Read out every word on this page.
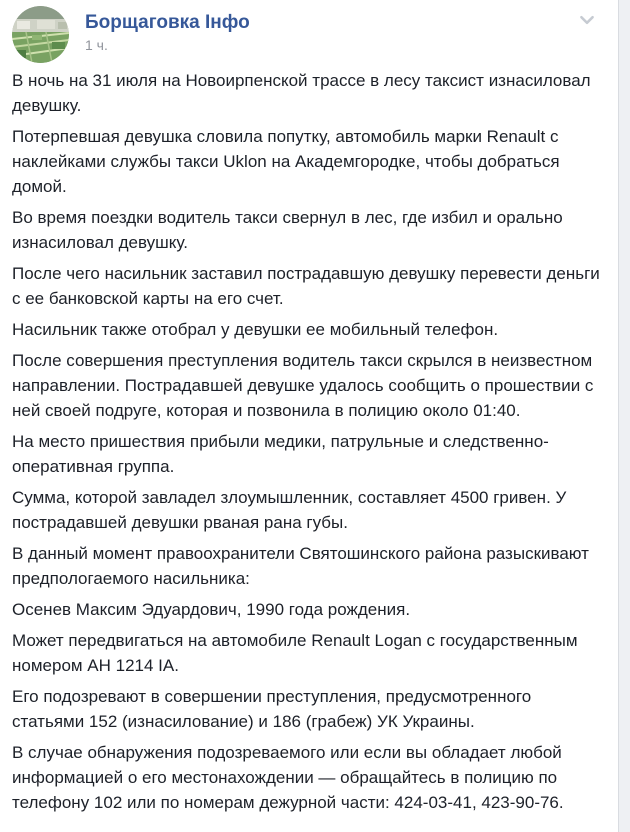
Борщаговка Інфо
1 ч.

В ночь на 31 июля на Новоирпенской трассе в лесу таксист изнасиловал девушку.

Потерпевшая девушка словила попутку, автомобиль марки Renault с наклейками службы такси Uklon на Академгородке, чтобы добраться домой.

Во время поездки водитель такси свернул в лес, где избил и орально изнасиловал девушку.

После чего насильник заставил пострадавшую девушку перевести деньги с ее банковской карты на его счет.

Насильник также отобрал у девушки ее мобильный телефон.

После совершения преступления водитель такси скрылся в неизвестном направлении. Пострадавшей девушке удалось сообщить о прошествии с ней своей подруге, которая и позвонила в полицию около 01:40.

На место пришествия прибыли медики, патрульные и следственно-оперативная группа.

Сумма, которой завладел злоумышленник, составляет 4500 гривен. У пострадавшей девушки рваная рана губы.

В данный момент правоохранители Святошинского района разыскивают предпологаемого насильника:

Осенев Максим Эдуардович, 1990 года рождения.

Может передвигаться на автомобиле Renault Logan с государственным номером АН 1214 ІА.

Его подозревают в совершении преступления, предусмотренного статьями 152 (изнасилование) и 186 (грабеж) УК Украины.

В случае обнаружения подозреваемого или если вы обладает любой информацией о его местонахождении — обращайтесь в полицию по телефону 102 или по номерам дежурной части: 424-03-41, 423-90-76.
